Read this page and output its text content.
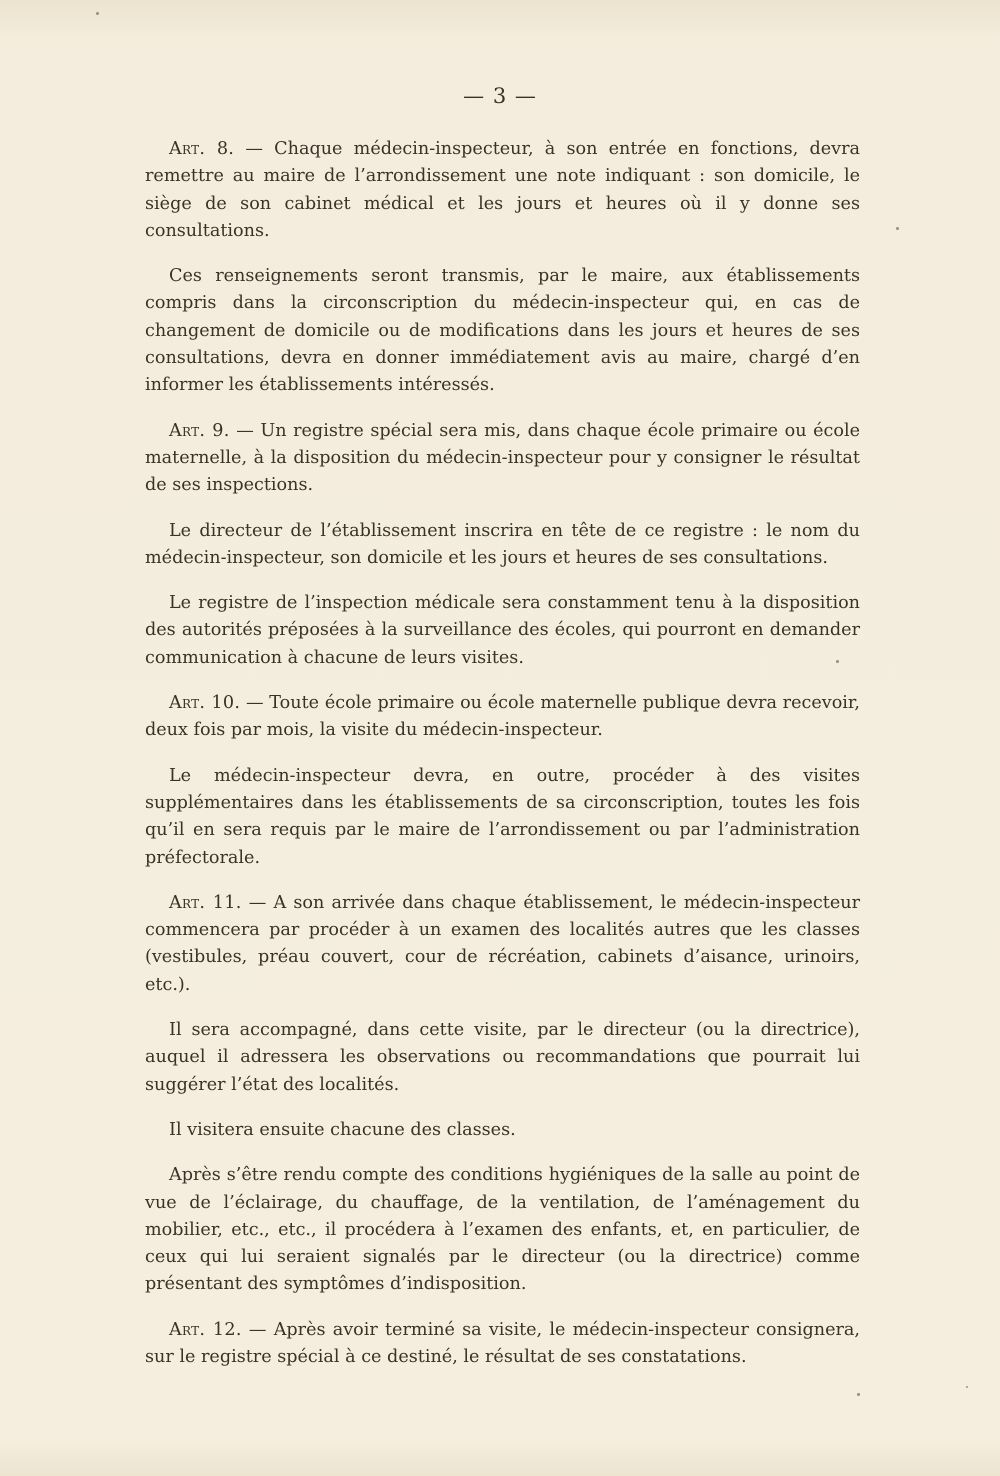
— 3 —

Art. 8. — Chaque médecin-inspecteur, à son entrée en fonctions, devra remettre au maire de l’arrondissement une note indiquant : son domicile, le siège de son cabinet médical et les jours et heures où il y donne ses consultations.

Ces renseignements seront transmis, par le maire, aux établissements compris dans la circonscription du médecin-inspecteur qui, en cas de changement de domicile ou de modifications dans les jours et heures de ses consultations, devra en donner immédiatement avis au maire, chargé d’en informer les établissements intéressés.

Art. 9. — Un registre spécial sera mis, dans chaque école primaire ou école maternelle, à la disposition du médecin-inspecteur pour y consigner le résultat de ses inspections.

Le directeur de l’établissement inscrira en tête de ce registre : le nom du médecin-inspecteur, son domicile et les jours et heures de ses consultations.

Le registre de l’inspection médicale sera constamment tenu à la disposition des autorités préposées à la surveillance des écoles, qui pourront en demander communication à chacune de leurs visites.

Art. 10. — Toute école primaire ou école maternelle publique devra recevoir, deux fois par mois, la visite du médecin-inspecteur.

Le médecin-inspecteur devra, en outre, procéder à des visites supplémentaires dans les établissements de sa circonscription, toutes les fois qu’il en sera requis par le maire de l’arrondissement ou par l’administration préfectorale.

Art. 11. — A son arrivée dans chaque établissement, le médecin-inspecteur commencera par procéder à un examen des localités autres que les classes (vestibules, préau couvert, cour de récréation, cabinets d’aisance, urinoirs, etc.).

Il sera accompagné, dans cette visite, par le directeur (ou la directrice), auquel il adressera les observations ou recommandations que pourrait lui suggérer l’état des localités.

Il visitera ensuite chacune des classes.

Après s’être rendu compte des conditions hygiéniques de la salle au point de vue de l’éclairage, du chauffage, de la ventilation, de l’aménagement du mobilier, etc., etc., il procédera à l’examen des enfants, et, en particulier, de ceux qui lui seraient signalés par le directeur (ou la directrice) comme présentant des symptômes d’indisposition.

Art. 12. — Après avoir terminé sa visite, le médecin-inspecteur consignera, sur le registre spécial à ce destiné, le résultat de ses constatations.
